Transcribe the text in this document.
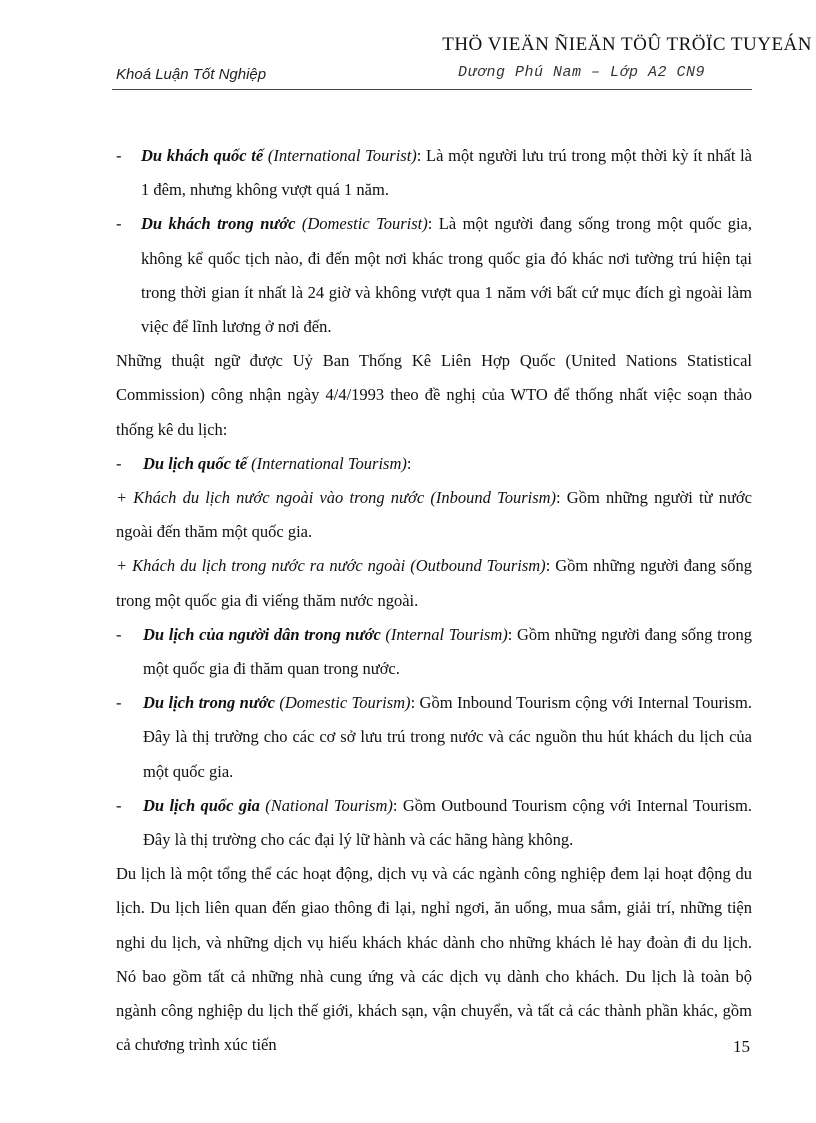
THÖ VIEÄN ÑIEÄN TÖÛ TRÖÏC TUYEÁN
Khoá Luận Tốt Nghiệp	Dương Phú Nam – Lớp A2 CN9
-	Du khách quốc tế (International Tourist): Là một người lưu trú trong một thời kỳ ít nhất là 1 đêm, nhưng không vượt quá 1 năm.
-	Du khách trong nước (Domestic Tourist): Là một người đang sống trong một quốc gia, không kể quốc tịch nào, đi đến một nơi khác trong quốc gia đó khác nơi tường trú hiện tại trong thời gian ít nhất là 24 giờ và không vượt qua 1 năm với bất cứ mục đích gì ngoài làm việc để lĩnh lương ở nơi đến.

Những thuật ngữ được Uỷ Ban Thống Kê Liên Hợp Quốc (United Nations Statistical Commission) công nhận ngày 4/4/1993 theo đề nghị của WTO để thống nhất việc soạn thảo thống kê du lịch:

-	Du lịch quốc tế (International Tourism):

+ Khách du lịch nước ngoài vào trong nước (Inbound Tourism): Gồm những người từ nước ngoài đến thăm một quốc gia.

+ Khách du lịch trong nước ra nước ngoài (Outbound Tourism): Gồm những người đang sống trong một quốc gia đi viếng thăm nước ngoài.

-	Du lịch của người dân trong nước (Internal Tourism): Gồm những người đang sống trong một quốc gia đi thăm quan trong nước.
-	Du lịch trong nước (Domestic Tourism): Gồm Inbound Tourism cộng với Internal Tourism. Đây là thị trường cho các cơ sở lưu trú trong nước và các nguồn thu hút khách du lịch của một quốc gia.
-	Du lịch quốc gia (National Tourism): Gồm Outbound Tourism cộng với Internal Tourism. Đây là thị trường cho các đại lý lữ hành và các hãng hàng không.

Du lịch là một tổng thể các hoạt động, dịch vụ và các ngành công nghiệp đem lại hoạt động du lịch. Du lịch liên quan đến giao thông đi lại, nghỉ ngơi, ăn uống, mua sắm, giải trí, những tiện nghi du lịch, và những dịch vụ hiếu khách khác dành cho những khách lẻ hay đoàn đi du lịch. Nó bao gồm tất cả những nhà cung ứng và các dịch vụ dành cho khách. Du lịch là toàn bộ ngành công nghiệp du lịch thế giới, khách sạn, vận chuyển, và tất cả các thành phần khác, gồm cả chương trình xúc tiến	15
